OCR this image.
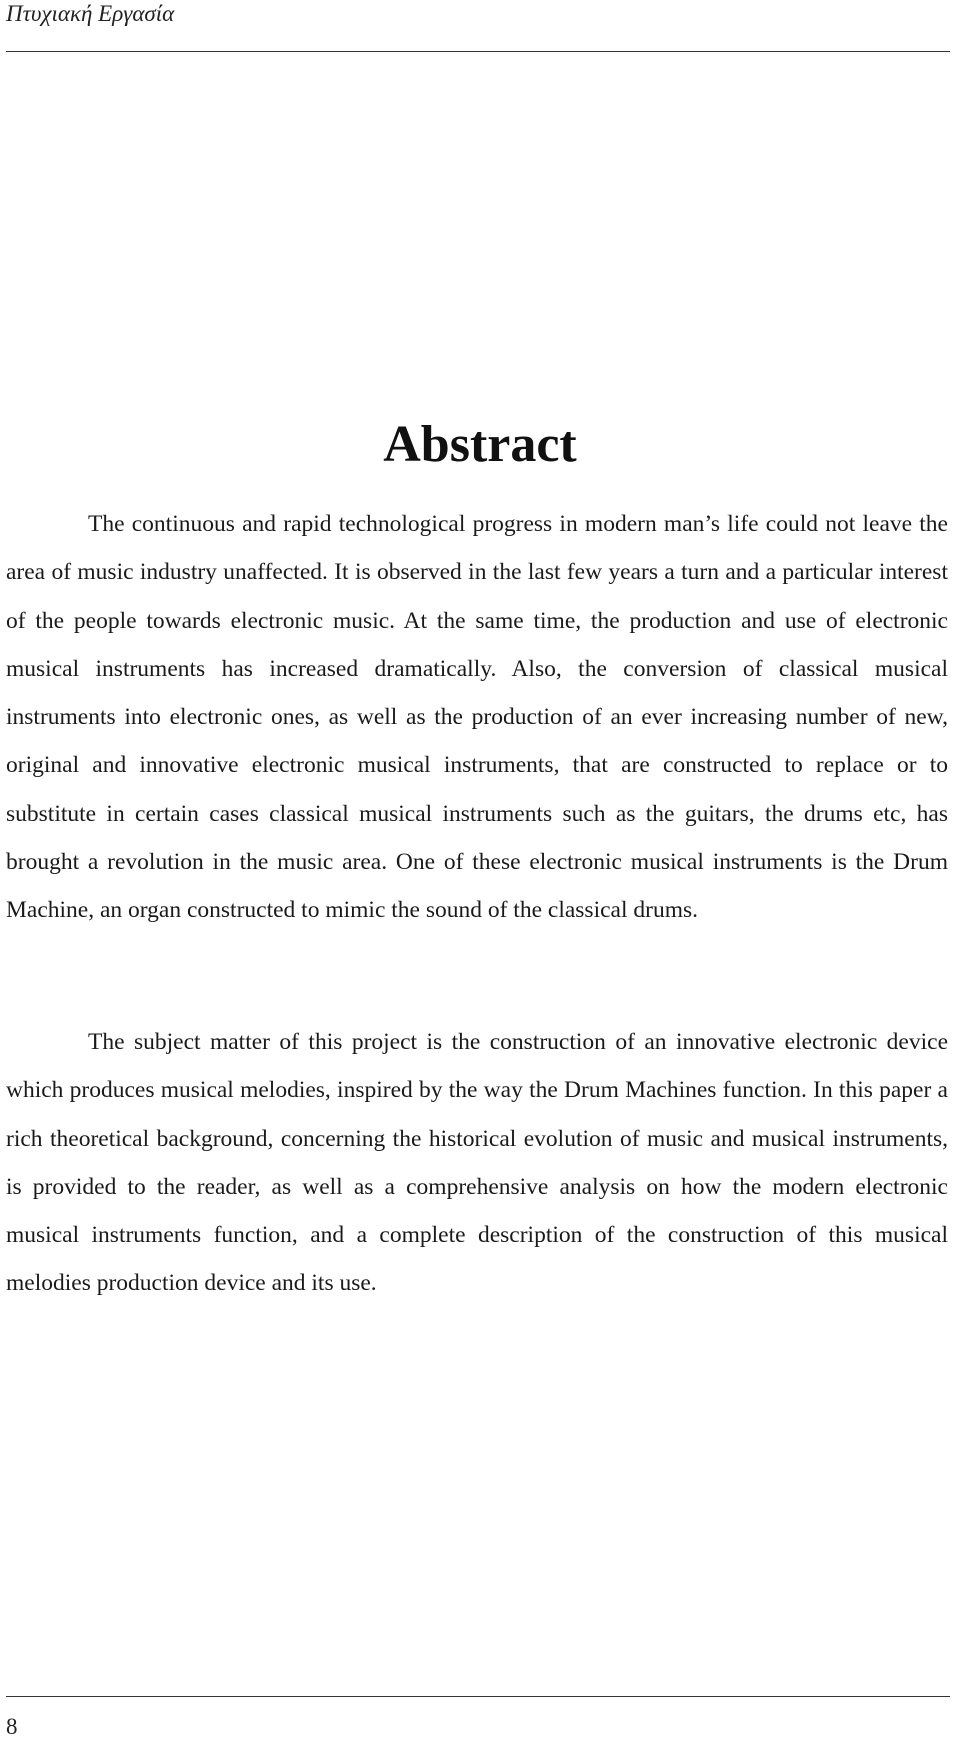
Πτυχιακή Εργασία
Abstract

The continuous and rapid technological progress in modern man’s life could not leave the area of music industry unaffected. It is observed in the last few years a turn and a particular interest of the people towards electronic music. At the same time, the production and use of electronic musical instruments has increased dramatically. Also, the conversion of classical musical instruments into electronic ones, as well as the production of an ever increasing number of new, original and innovative electronic musical instruments, that are constructed to replace or to substitute in certain cases classical musical instruments such as the guitars, the drums etc, has brought a revolution in the music area. One of these electronic musical instruments is the Drum Machine, an organ constructed to mimic the sound of the classical drums.

The subject matter of this project is the construction of an innovative electronic device which produces musical melodies, inspired by the way the Drum Machines function. In this paper a rich theoretical background, concerning the historical evolution of music and musical instruments, is provided to the reader, as well as a comprehensive analysis on how the modern electronic musical instruments function, and a complete description of the construction of this musical melodies production device and its use.

8
